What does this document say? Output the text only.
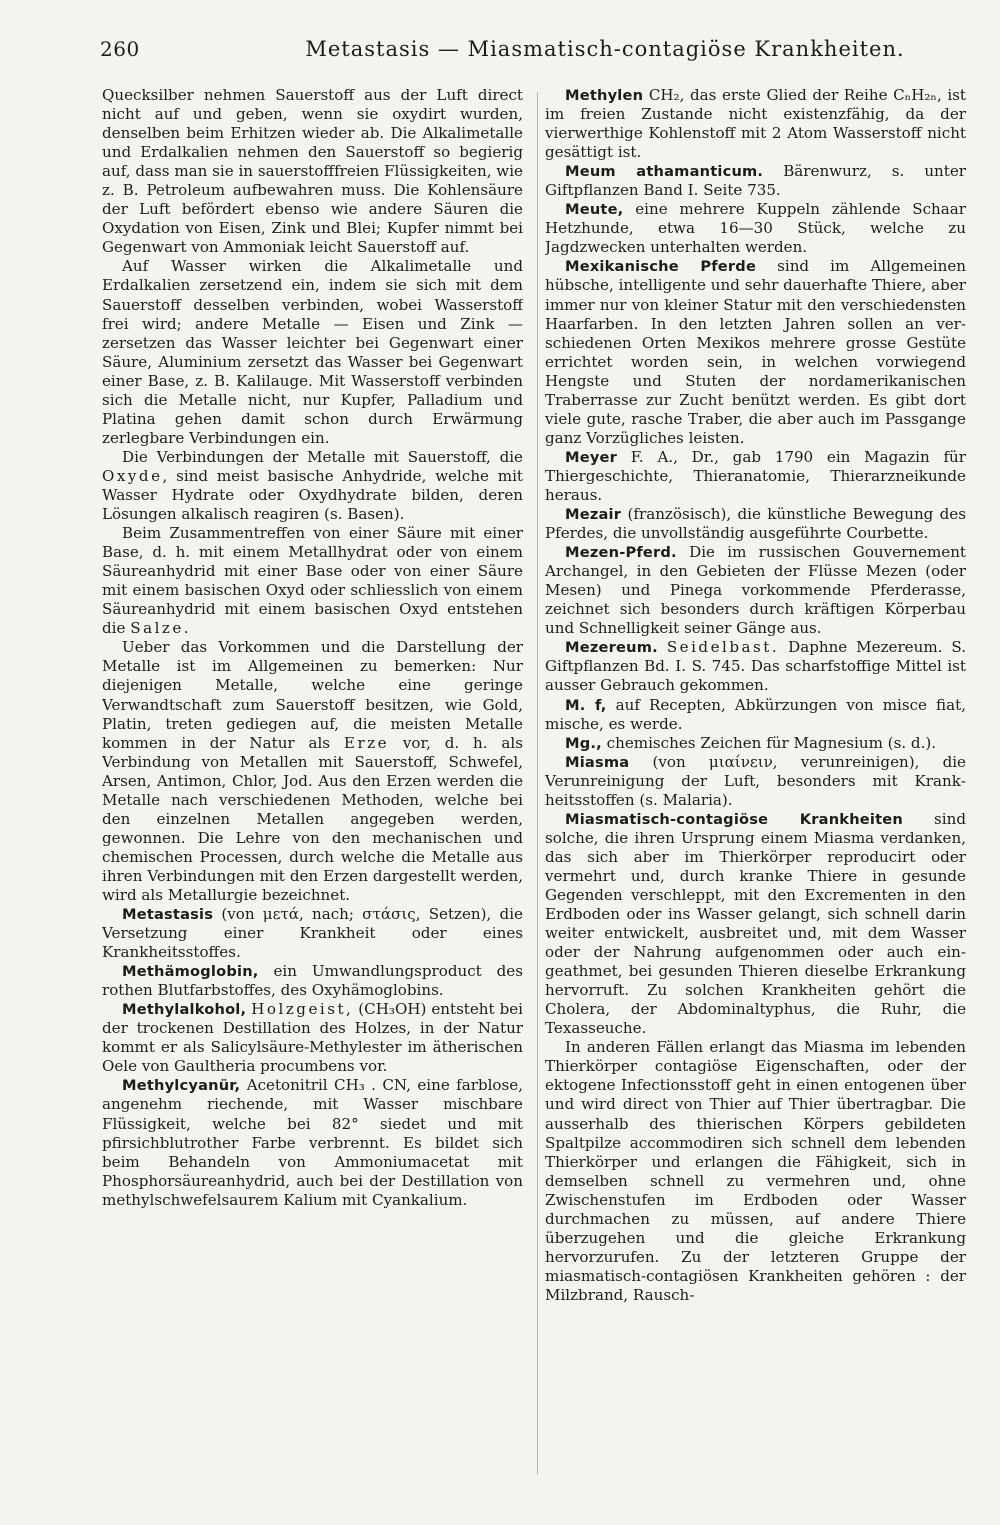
260	Metastasis — Miasmatisch-contagiöse Krankheiten.

Quecksilber nehmen Sauerstoff aus der Luft direct nicht auf und geben, wenn sie oxydirt wurden, denselben beim Erhitzen wieder ab. Die Alkalimetalle und Erdalkalien nehmen den Sauerstoff so begierig auf, dass man sie in sauerstofffreien Flüssigkeiten, wie z. B. Petroleum aufbewahren muss. Die Kohlensäure der Luft befördert ebenso wie andere Säuren die Oxydation von Eisen, Zink und Blei; Kupfer nimmt bei Gegenwart von Ammoniak leicht Sauerstoff auf.

Auf Wasser wirken die Alkalimetalle und Erdalkalien zersetzend ein, indem sie sich mit dem Sauerstoff desselben verbinden, wobei Wasserstoff frei wird; andere Metalle — Eisen und Zink — zersetzen das Wasser leichter bei Gegenwart einer Säure, Aluminium zersetzt das Wasser bei Gegenwart einer Base, z. B. Kalilauge. Mit Wasserstoff verbinden sich die Metalle nicht, nur Kupfer, Palladium und Platina gehen damit schon durch Erwärmung zerlegbare Verbindungen ein.

Die Verbindungen der Metalle mit Sauerstoff, die Oxyde, sind meist basische Anhydride, welche mit Wasser Hydrate oder Oxydhydrate bilden, deren Lösungen alkalisch reagiren (s. Basen).

Beim Zusammentreffen von einer Säure mit einer Base, d. h. mit einem Metallhydrat oder von einem Säureanhydrid mit einer Base oder von einer Säure mit einem basischen Oxyd oder schliesslich von einem Säureanhydrid mit einem basischen Oxyd entstehen die Salze.

Ueber das Vorkommen und die Darstellung der Metalle ist im Allgemeinen zu bemerken: Nur diejenigen Metalle, welche eine geringe Verwandtschaft zum Sauerstoff besitzen, wie Gold, Platin, treten gediegen auf, die meisten Metalle kommen in der Natur als Erze vor, d. h. als Verbindung von Metallen mit Sauerstoff, Schwefel, Arsen, Antimon, Chlor, Jod. Aus den Erzen werden die Metalle nach verschiedenen Methoden, welche bei den einzelnen Metallen angegeben werden, gewonnen. Die Lehre von den mechanischen und chemischen Processen, durch welche die Metalle aus ihren Verbindungen mit den Erzen dargestellt werden, wird als Metallurgie bezeichnet.

Metastasis (von μετά, nach; στάσις, Setzen), die Versetzung einer Krankheit oder eines Krankheitsstoffes.

Methämoglobin, ein Umwandlungsproduct des rothen Blutfarbstoffes, des Oxyhämoglobins.

Methylalkohol, Holzgeist, (CH₃OH) entsteht bei der trockenen Destillation des Holzes, in der Natur kommt er als Salicylsäure-Methylester im ätherischen Oele von Gaultheria procumbens vor.

Methylcyanür, Acetonitril CH₃ . CN, eine farblose, angenehm riechende, mit Wasser mischbare Flüssigkeit, welche bei 82° siedet und mit pfirsichblutrother Farbe verbrennt. Es bildet sich beim Behandeln von Ammoniumacetat mit Phosphorsäureanhydrid, auch bei der Destillation von methylschwefelsaurem Kalium mit Cyankalium.

Methylen CH₂, das erste Glied der Reihe CₙH₂ₙ, ist im freien Zustande nicht existenzfähig, da der vierwerthige Kohlenstoff mit 2 Atom Wasserstoff nicht gesättigt ist.

Meum athamanticum. Bärenwurz, s. unter Giftpflanzen Band I. Seite 735.

Meute, eine mehrere Kuppeln zählende Schaar Hetzhunde, etwa 16—30 Stück, welche zu Jagdzwecken unterhalten werden.

Mexikanische Pferde sind im Allgemeinen hübsche, intelligente und sehr dauerhafte Thiere, aber immer nur von kleiner Statur mit den verschiedensten Haarfarben. In den letzten Jahren sollen an verschiedenen Orten Mexikos mehrere grosse Gestüte errichtet worden sein, in welchen vorwiegend Hengste und Stuten der nordamerikanischen Traberrasse zur Zucht benützt werden. Es gibt dort viele gute, rasche Traber, die aber auch im Passgange ganz Vorzügliches leisten.

Meyer F. A., Dr., gab 1790 ein Magazin für Thiergeschichte, Thieranatomie, Thierarzneikunde heraus.

Mezair (französisch), die künstliche Bewegung des Pferdes, die unvollständig ausgeführte Courbette.

Mezen-Pferd. Die im russischen Gouvernement Archangel, in den Gebieten der Flüsse Mezen (oder Mesen) und Pinega vorkommende Pferderasse, zeichnet sich besonders durch kräftigen Körperbau und Schnelligkeit seiner Gänge aus.

Mezereum. Seidelbast. Daphne Mezereum. S. Giftpflanzen Bd. I. S. 745. Das scharfstoffige Mittel ist ausser Gebrauch gekommen.

M. f, auf Recepten, Abkürzungen von misce fiat, mische, es werde.

Mg., chemisches Zeichen für Magnesium (s. d.).

Miasma (von μιαίνειν, verunreinigen), die Verunreinigung der Luft, besonders mit Krankheitsstoffen (s. Malaria).

Miasmatisch-contagiöse Krankheiten sind solche, die ihren Ursprung einem Miasma verdanken, das sich aber im Thierkörper reproducirt oder vermehrt und, durch kranke Thiere in gesunde Gegenden verschleppt, mit den Excrementen in den Erdboden oder ins Wasser gelangt, sich schnell darin weiter entwickelt, ausbreitet und, mit dem Wasser oder der Nahrung aufgenommen oder auch eingeathmet, bei gesunden Thieren dieselbe Erkrankung hervorruft. Zu solchen Krankheiten gehört die Cholera, der Abdominaltyphus, die Ruhr, die Texasseuche.

In anderen Fällen erlangt das Miasma im lebenden Thierkörper contagiöse Eigenschaften, oder der ektogene Infectionsstoff geht in einen entogenen über und wird direct von Thier auf Thier übertragbar. Die ausserhalb des thierischen Körpers gebildeten Spaltpilze accommodiren sich schnell dem lebenden Thierkörper und erlangen die Fähigkeit, sich in demselben schnell zu vermehren und, ohne Zwischenstufen im Erdboden oder Wasser durchmachen zu müssen, auf andere Thiere überzugehen und die gleiche Erkrankung hervorzurufen. Zu der letzteren Gruppe der miasmatisch-contagiösen Krankheiten gehören : der Milzbrand, Rausch-
